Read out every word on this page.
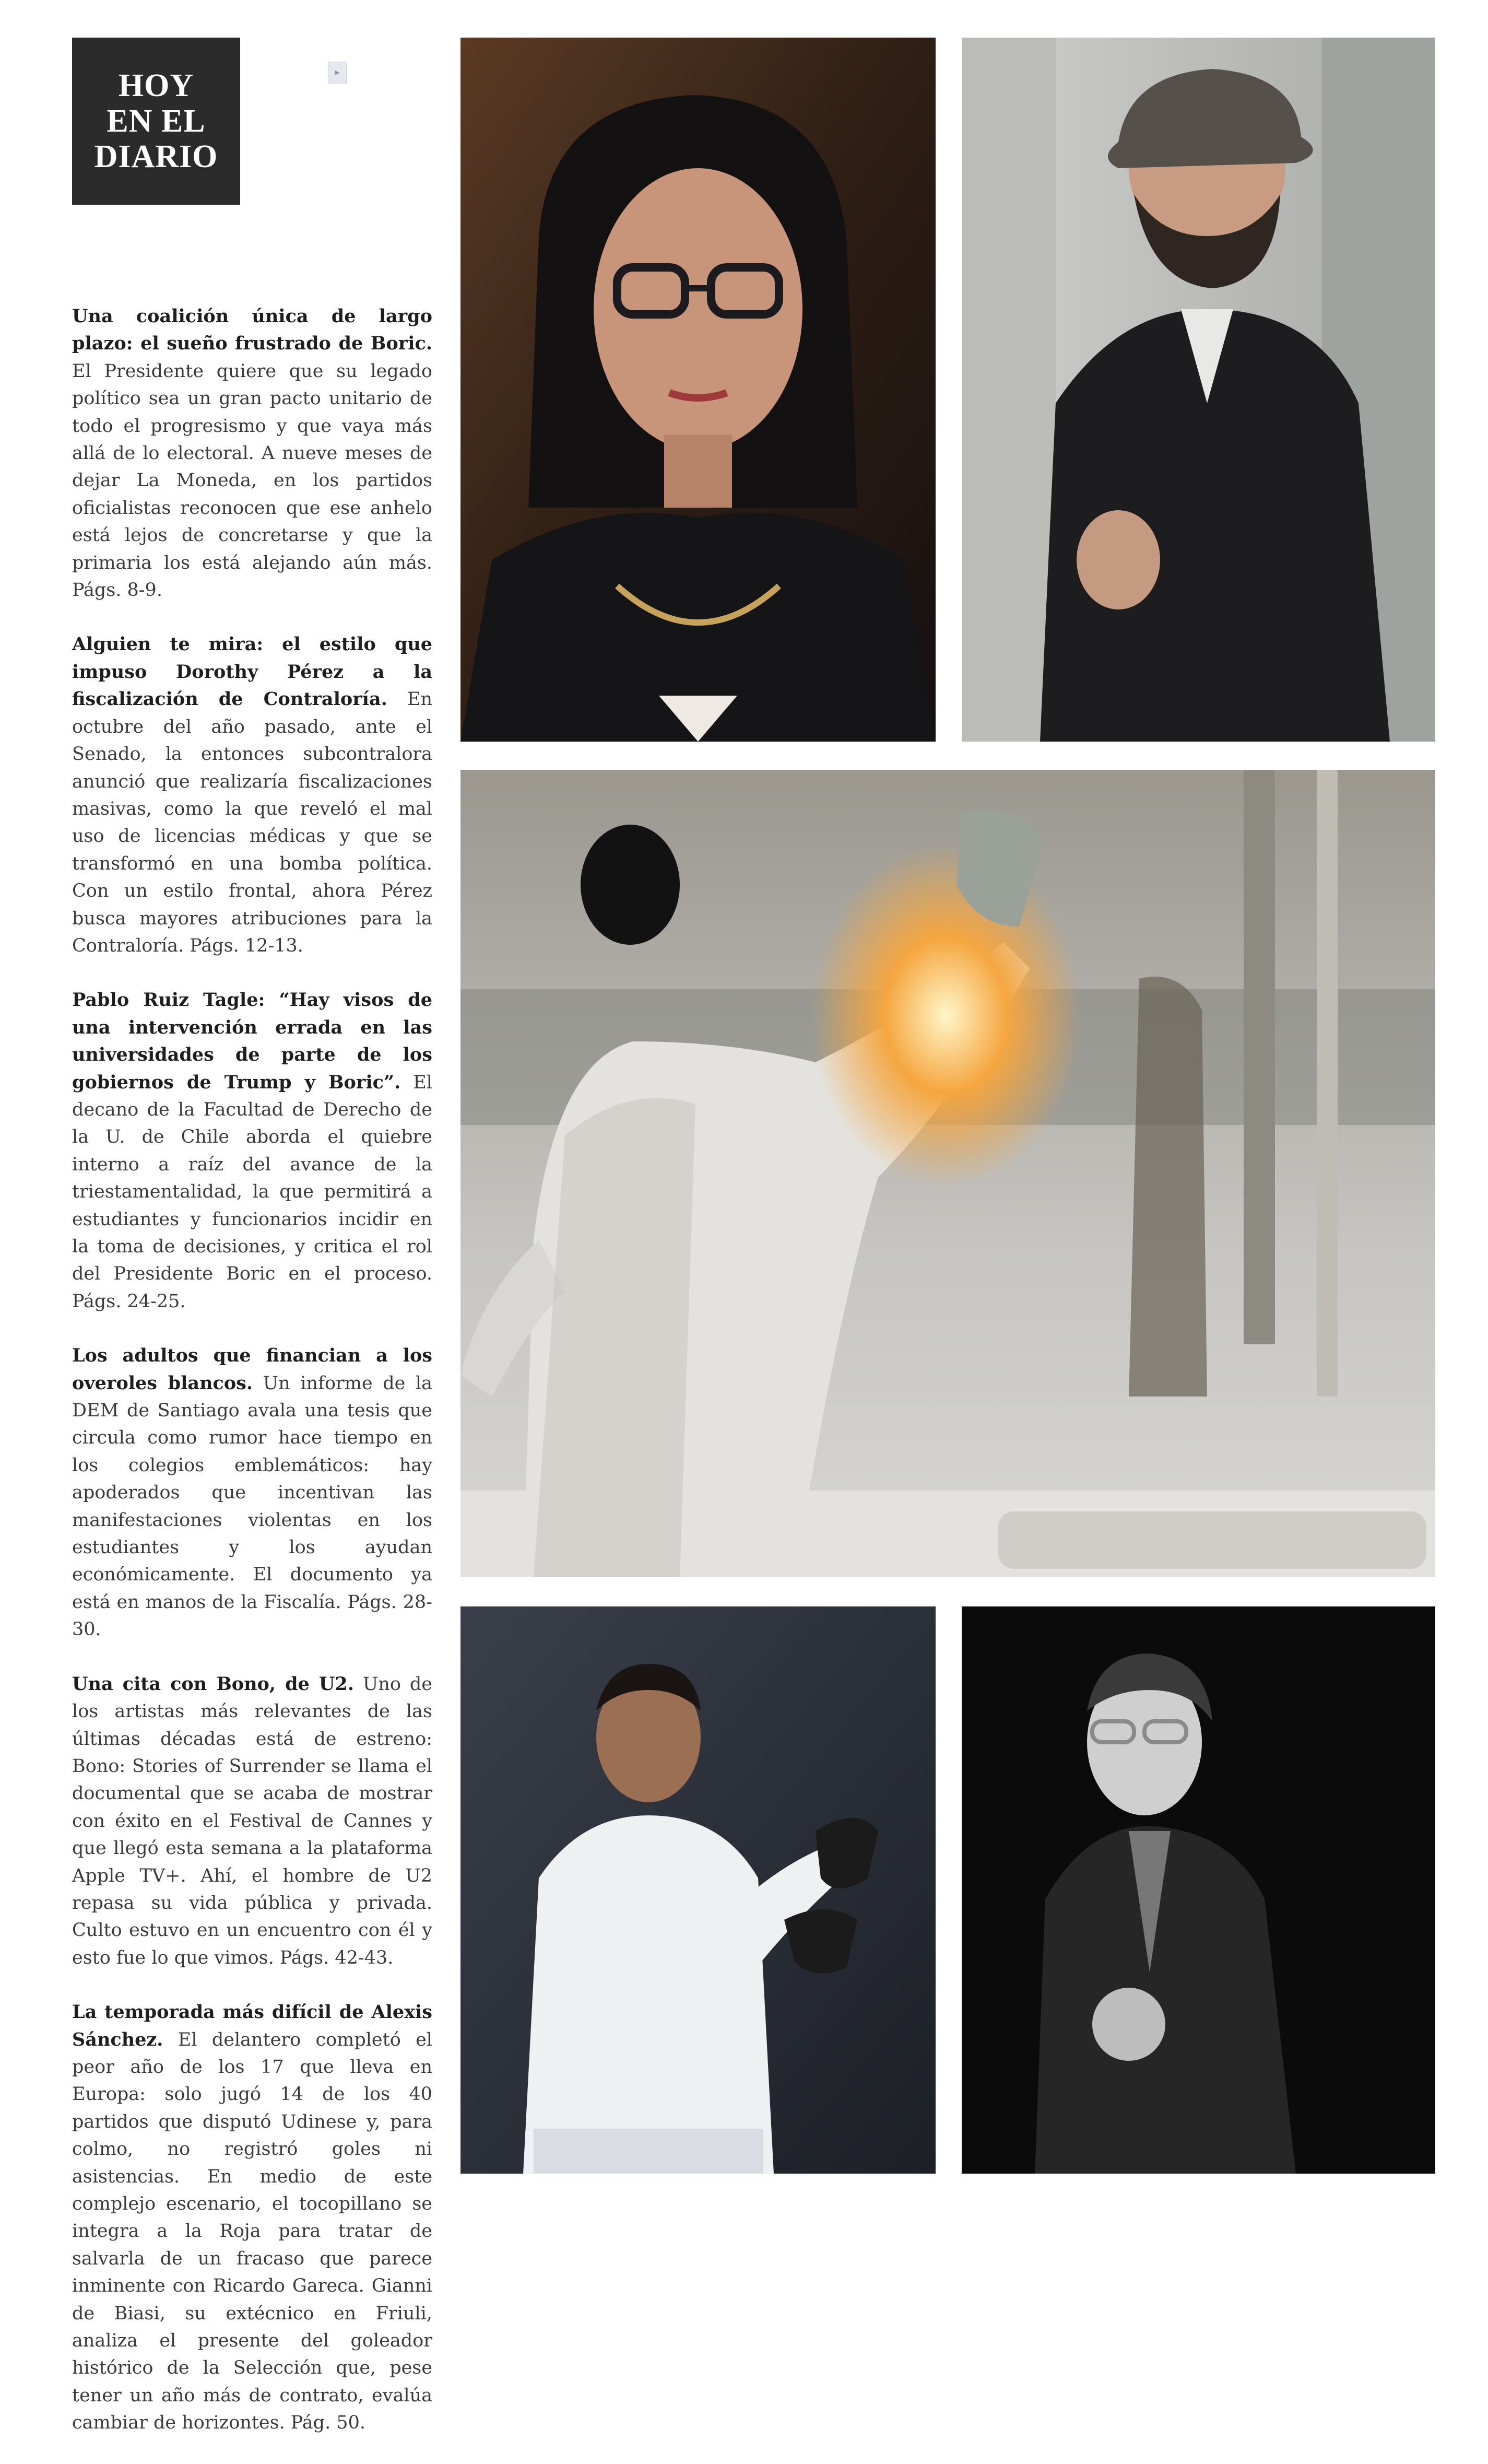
HOY
EN EL
DIARIO
▸

Una coalición única de largo plazo: el sueño frustrado de Boric. El Presidente quiere que su legado político sea un gran pacto unitario de todo el progresismo y que vaya más allá de lo electoral. A nueve meses de dejar La Moneda, en los partidos oficialistas reconocen que ese anhelo está lejos de concretarse y que la primaria los está alejando aún más. Págs. 8-9.

Alguien te mira: el estilo que impuso Dorothy Pérez a la fiscalización de Contraloría. En octubre del año pasado, ante el Senado, la entonces subcontralora anunció que realizaría fiscalizaciones masivas, como la que reveló el mal uso de licencias médicas y que se transformó en una bomba política. Con un estilo frontal, ahora Pérez busca mayores atribuciones para la Contraloría. Págs. 12-13.

Pablo Ruiz Tagle: “Hay visos de una intervención errada en las universidades de parte de los gobiernos de Trump y Boric”. El decano de la Facultad de Derecho de la U. de Chile aborda el quiebre interno a raíz del avance de la triestamentalidad, la que permitirá a estudiantes y funcionarios incidir en la toma de decisiones, y critica el rol del Presidente Boric en el proceso. Págs. 24-25.

Los adultos que financian a los overoles blancos. Un informe de la DEM de Santiago avala una tesis que circula como rumor hace tiempo en los colegios emblemáticos: hay apoderados que incentivan las manifestaciones violentas en los estudiantes y los ayudan económicamente. El documento ya está en manos de la Fiscalía. Págs. 28-30.

Una cita con Bono, de U2. Uno de los artistas más relevantes de las últimas décadas está de estreno: Bono: Stories of Surrender se llama el documental que se acaba de mostrar con éxito en el Festival de Cannes y que llegó esta semana a la plataforma Apple TV+. Ahí, el hombre de U2 repasa su vida pública y privada. Culto estuvo en un encuentro con él y esto fue lo que vimos. Págs. 42-43.

La temporada más difícil de Alexis Sánchez. El delantero completó el peor año de los 17 que lleva en Europa: solo jugó 14 de los 40 partidos que disputó Udinese y, para colmo, no registró goles ni asistencias. En medio de este complejo escenario, el tocopillano se integra a la Roja para tratar de salvarla de un fracaso que parece inminente con Ricardo Gareca. Gianni de Biasi, su extécnico en Friuli, analiza el presente del goleador histórico de la Selección que, pese tener un año más de contrato, evalúa cambiar de horizontes. Pág. 50.
